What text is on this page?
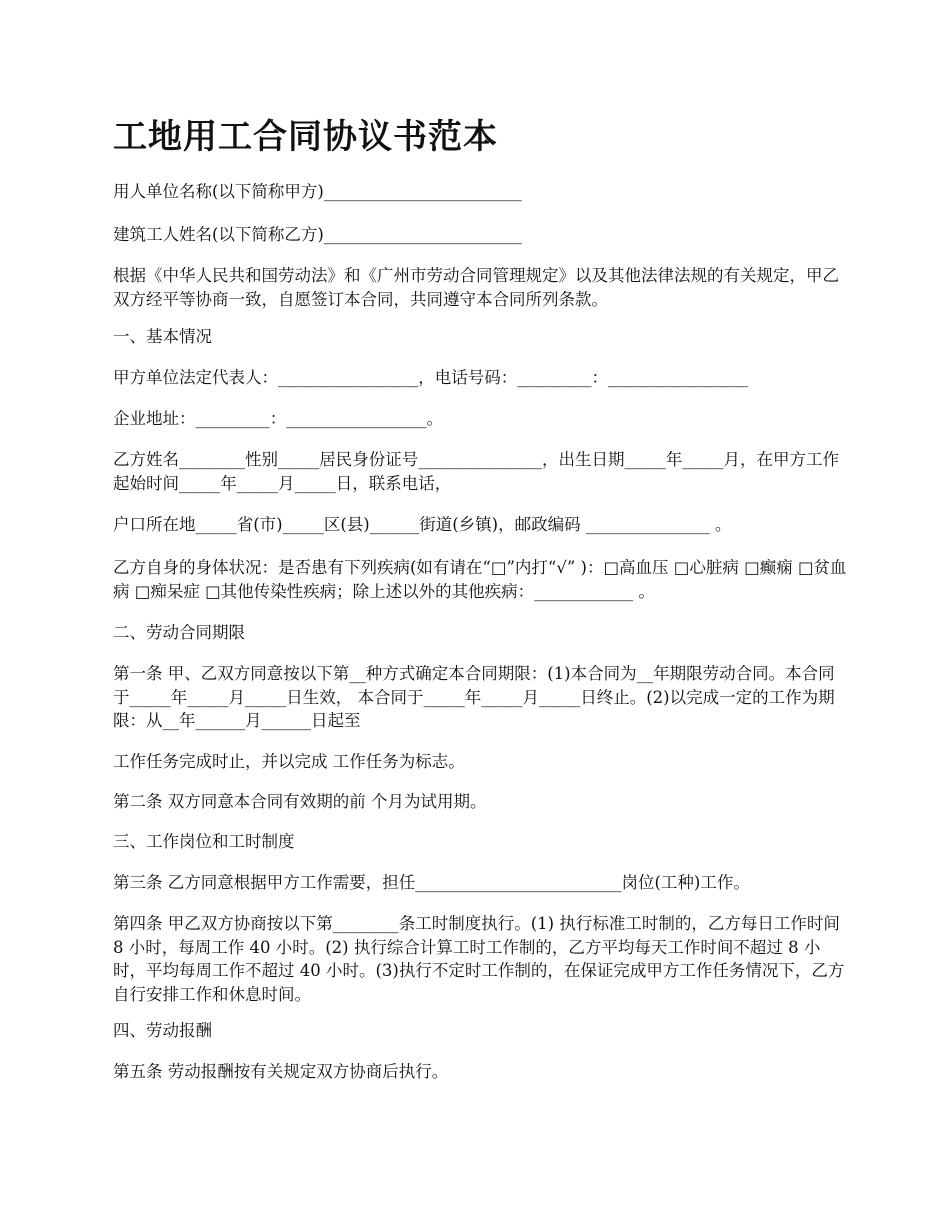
工地用工合同协议书范本

用人单位名称(以下简称甲方)________________________

建筑工人姓名(以下简称乙方)________________________

根据《中华人民共和国劳动法》和《广州市劳动合同管理规定》以及其他法律法规的有关规定，甲乙双方经平等协商一致，自愿签订本合同，共同遵守本合同所列条款。

一、基本情况

甲方单位法定代表人：_________________，电话号码：_________：_________________

企业地址：_________：_________________。

乙方姓名________性别_____居民身份证号_______________，出生日期_____年_____月，在甲方工作起始时间_____年_____月_____日，联系电话，

户口所在地_____省(市)_____区(县)______街道(乡镇)，邮政编码 _______________ 。

乙方自身的身体状况：是否患有下列疾病(如有请在“□”内打“√” )：□高血压 □心脏病 □癫痫 □贫血病 □痴呆症 □其他传染性疾病；除上述以外的其他疾病：____________ 。

二、劳动合同期限

第一条 甲、乙双方同意按以下第__种方式确定本合同期限：(1)本合同为__年期限劳动合同。本合同于_____年_____月_____日生效， 本合同于_____年_____月_____日终止。(2)以完成一定的工作为期限：从__年______月______日起至

工作任务完成时止，并以完成 工作任务为标志。

第二条 双方同意本合同有效期的前 个月为试用期。

三、工作岗位和工时制度

第三条 乙方同意根据甲方工作需要，担任_________________________岗位(工种)工作。

第四条 甲乙双方协商按以下第________条工时制度执行。(1) 执行标准工时制的，乙方每日工作时间 8 小时，每周工作 40 小时。(2) 执行综合计算工时工作制的，乙方平均每天工作时间不超过 8 小时，平均每周工作不超过 40 小时。(3)执行不定时工作制的，在保证完成甲方工作任务情况下，乙方自行安排工作和休息时间。

四、劳动报酬

第五条 劳动报酬按有关规定双方协商后执行。
